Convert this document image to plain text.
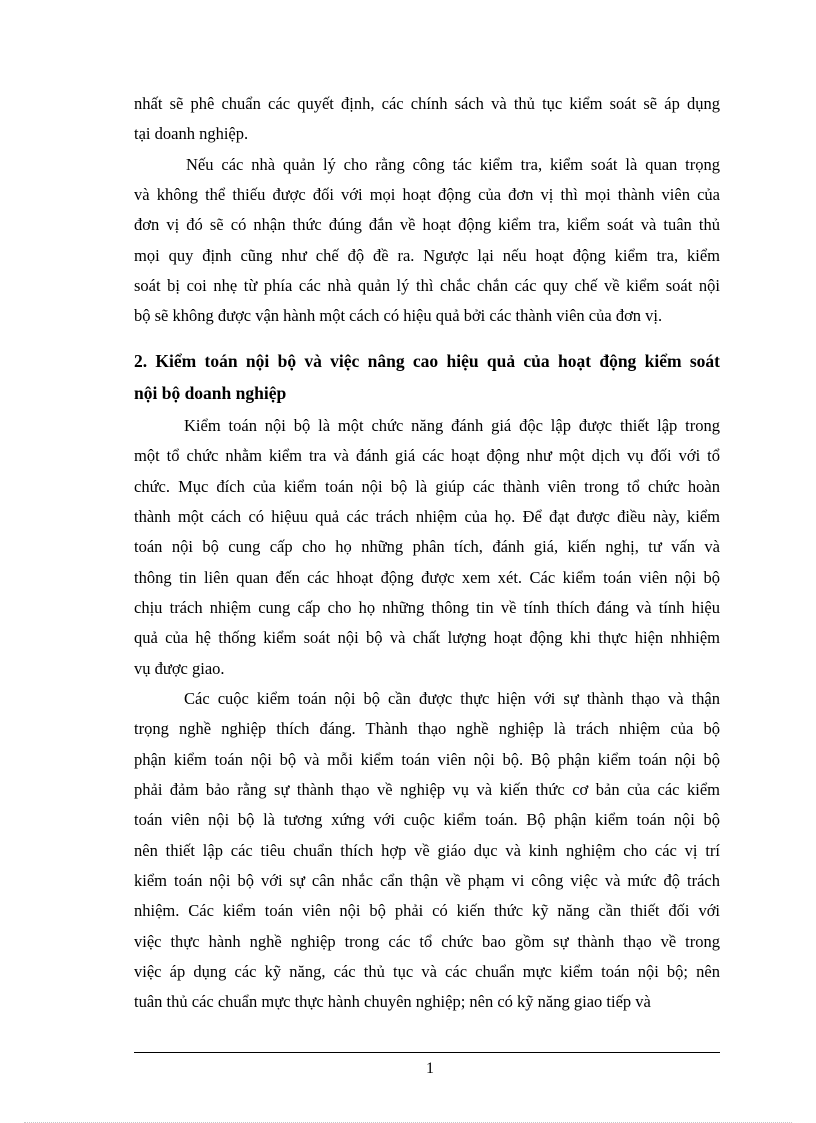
nhất sẽ phê chuẩn các quyết định, các chính sách và thủ tục kiểm soát sẽ áp dụng
tại doanh nghiệp.
Nếu các nhà quản lý cho rằng công tác kiểm tra, kiểm soát là quan trọng
và không thể thiếu được đối với mọi hoạt động của đơn vị thì mọi thành viên của
đơn vị đó sẽ có nhận thức đúng đắn về hoạt động kiểm tra, kiểm soát và tuân thủ
mọi quy định cũng như chế độ đề ra. Ngược lại nếu hoạt động kiểm tra, kiểm
soát bị coi nhẹ từ phía các nhà quản lý thì chắc chắn các quy chế về kiểm soát nội
bộ sẽ không được vận hành một cách có hiệu quả bởi các thành viên của đơn vị.
2. Kiểm toán nội bộ và việc nâng cao hiệu quả của hoạt động kiểm soát
nội bộ doanh nghiệp
Kiểm toán nội bộ là một chức năng đánh giá độc lập được thiết lập trong
một tổ chức nhằm kiểm tra và đánh giá các hoạt động như một dịch vụ đối với tổ
chức. Mục đích của kiểm toán nội bộ là giúp các thành viên trong tổ chức hoàn
thành một cách có hiệuu quả các trách nhiệm của họ. Để đạt được điều này, kiểm
toán nội bộ cung cấp cho họ những phân tích, đánh giá, kiến nghị, tư vấn và
thông tin liên quan đến các hhoạt động được xem xét. Các kiểm toán viên nội bộ
chịu trách nhiệm cung cấp cho họ những thông tin về tính thích đáng và tính hiệu
quả của hệ thống kiểm soát nội bộ và chất lượng hoạt động khi thực hiện nhhiệm
vụ được giao.
Các cuộc kiểm toán nội bộ cần được thực hiện với sự thành thạo và thận
trọng nghề nghiệp thích đáng. Thành thạo nghề nghiệp là trách nhiệm của bộ
phận kiểm toán nội bộ và mỗi kiểm toán viên nội bộ. Bộ phận kiểm toán nội bộ
phải đảm bảo rằng sự thành thạo về nghiệp vụ và kiến thức cơ bản của các kiểm
toán viên nội bộ là tương xứng với cuộc kiểm toán. Bộ phận kiểm toán nội bộ
nên thiết lập các tiêu chuẩn thích hợp về giáo dục và kinh nghiệm cho các vị trí
kiểm toán nội bộ với sự cân nhắc cẩn thận về phạm vi công việc và mức độ trách
nhiệm. Các kiểm toán viên nội bộ phải có kiến thức kỹ năng cần thiết đối với
việc thực hành nghề nghiệp trong các tổ chức bao gồm sự thành thạo về trong
việc áp dụng các kỹ năng, các thủ tục và các chuẩn mực kiểm toán nội bộ; nên
tuân thủ các chuẩn mực thực hành chuyên nghiệp; nên có kỹ năng giao tiếp và
1
